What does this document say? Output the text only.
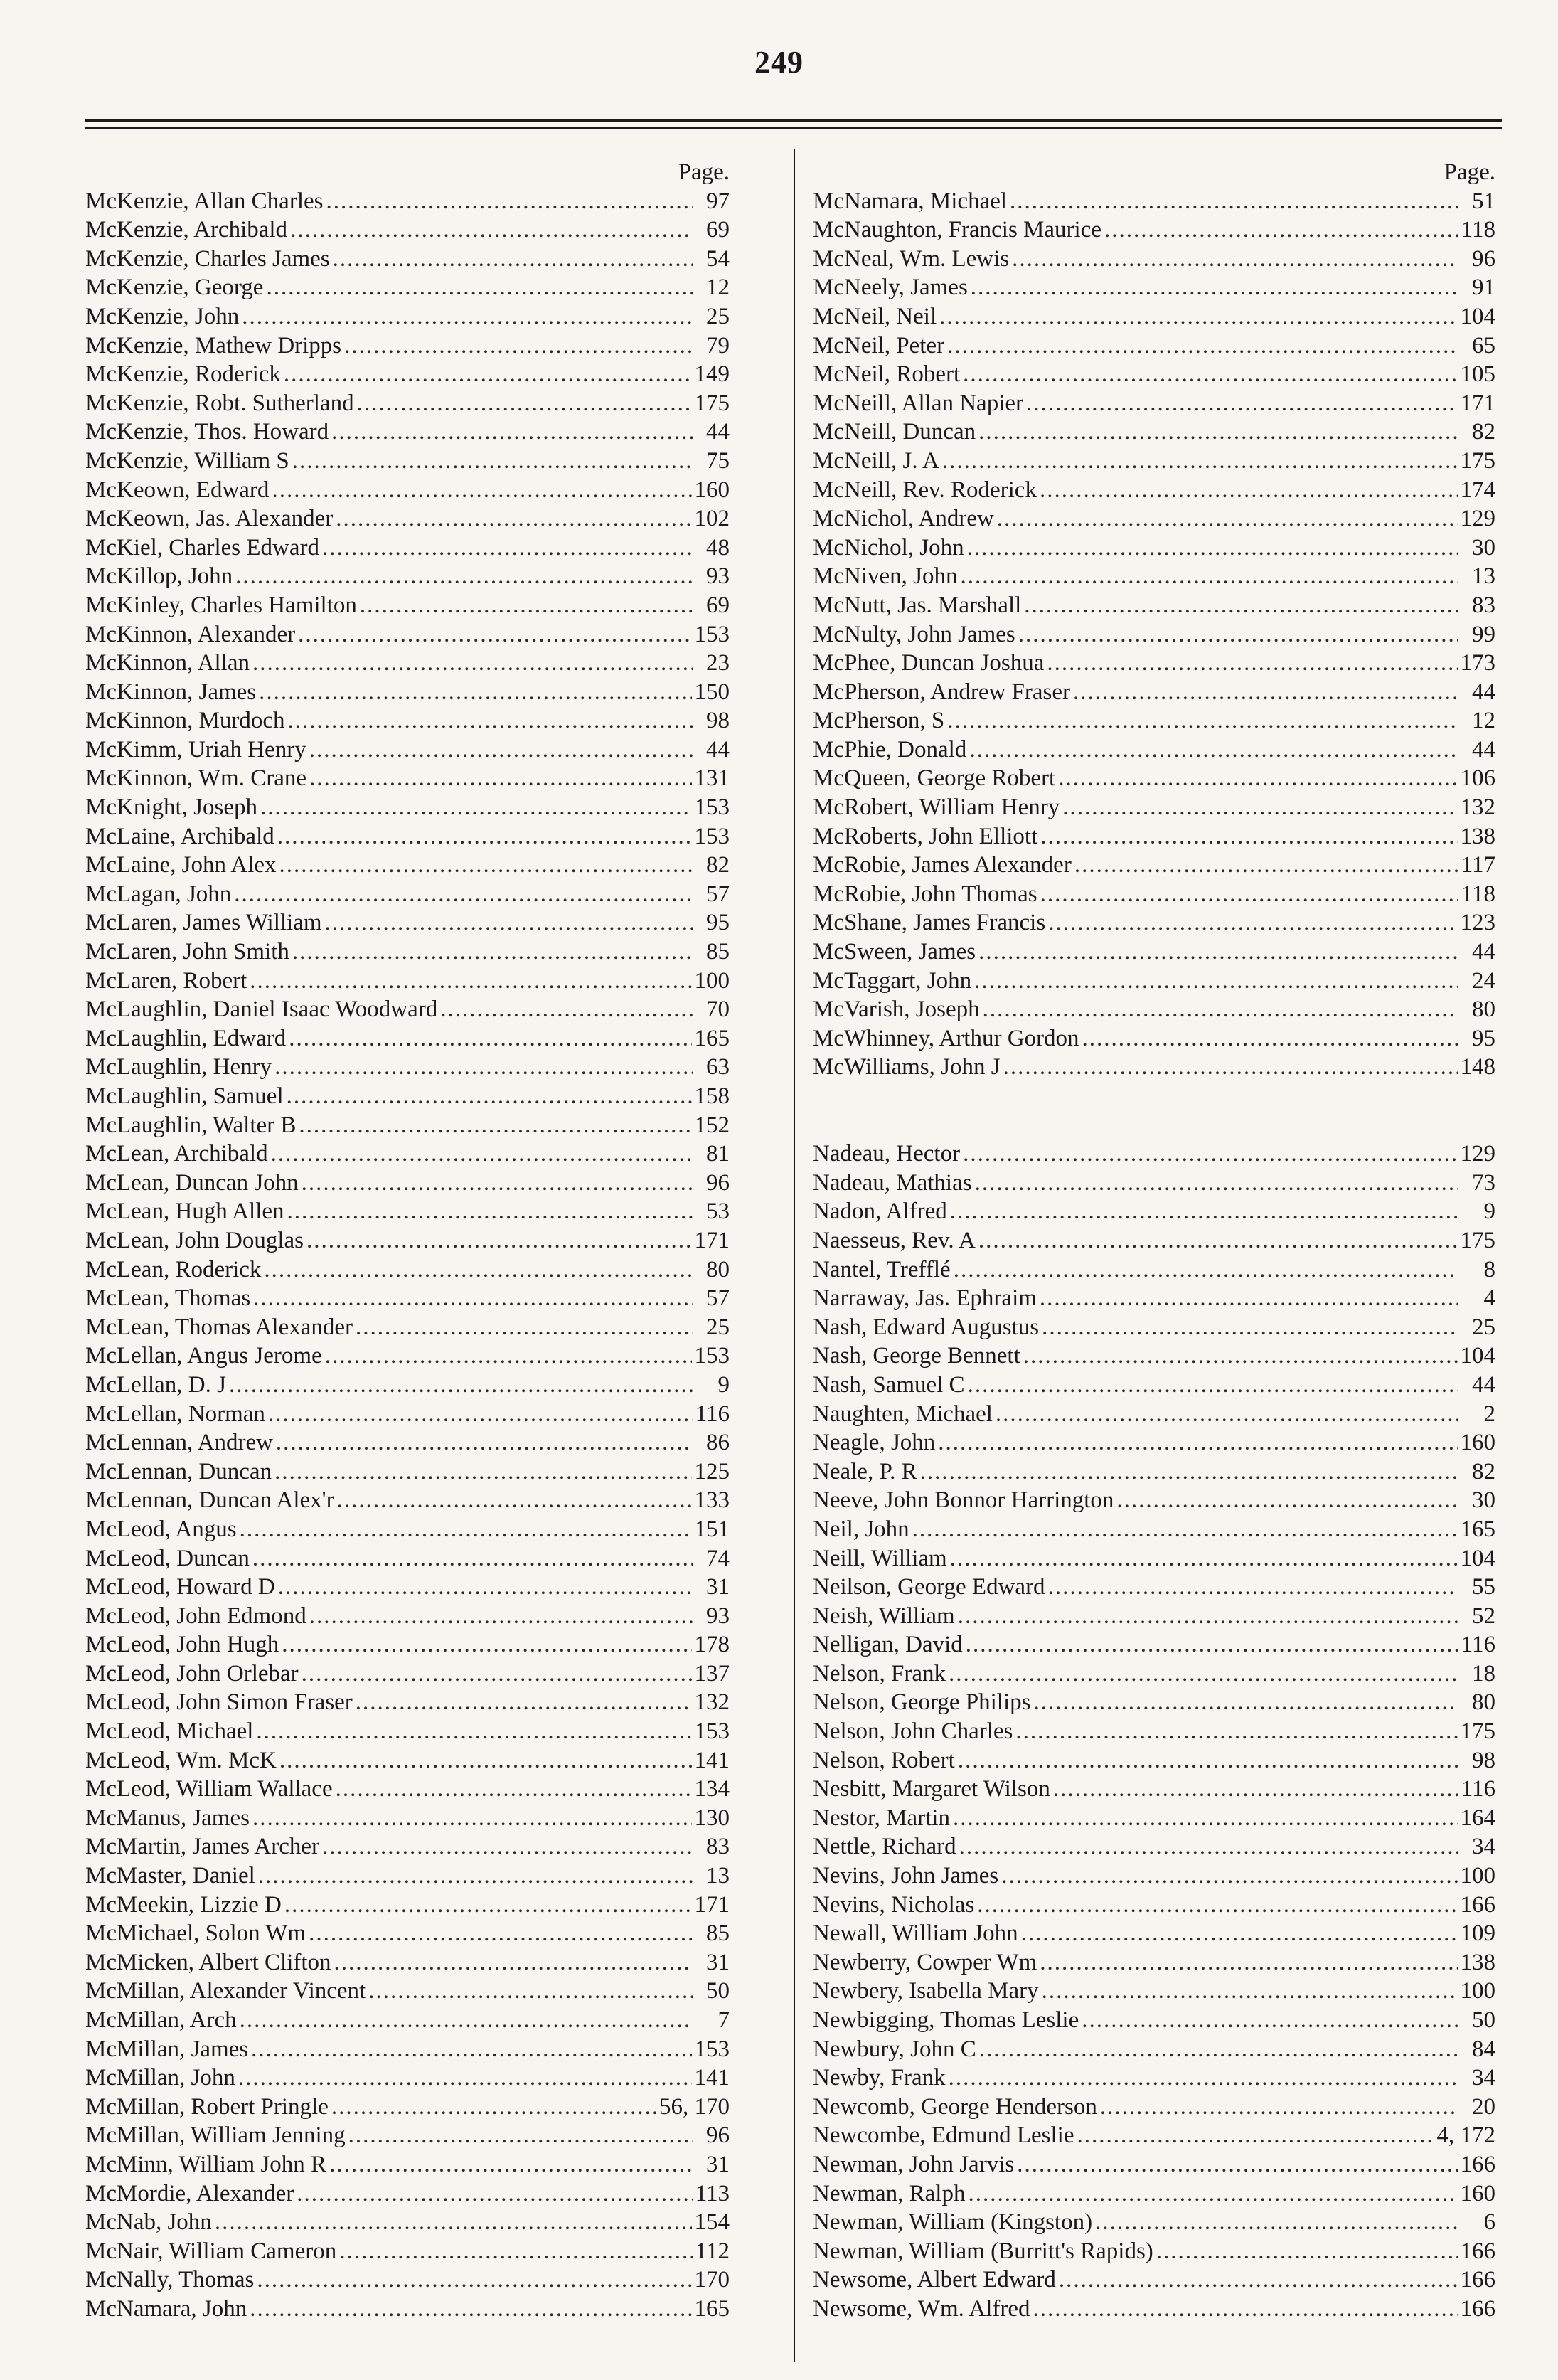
249
Page.
McKenzie, Allan Charles .....	97
McKenzie, Archibald .....	69
McKenzie, Charles James .....	54
McKenzie, George .....	12
McKenzie, John .....	25
McKenzie, Mathew Dripps .....	79
McKenzie, Roderick .....	149
McKenzie, Robt. Sutherland .....	175
McKenzie, Thos. Howard .....	44
McKenzie, William S .....	75
McKeown, Edward .....	160
McKeown, Jas. Alexander .....	102
McKiel, Charles Edward .....	48
McKillop, John .....	93
McKinley, Charles Hamilton .....	69
McKinnon, Alexander .....	153
McKinnon, Allan .....	23
McKinnon, James .....	150
McKinnon, Murdoch .....	98
McKimm, Uriah Henry .....	44
McKinnon, Wm. Crane .....	131
McKnight, Joseph .....	153
McLaine, Archibald .....	153
McLaine, John Alex .....	82
McLagan, John .....	57
McLaren, James William .....	95
McLaren, John Smith .....	85
McLaren, Robert .....	100
McLaughlin, Daniel Isaac Woodward .....	70
McLaughlin, Edward .....	165
McLaughlin, Henry .....	63
McLaughlin, Samuel .....	158
McLaughlin, Walter B .....	152
McLean, Archibald .....	81
McLean, Duncan John .....	96
McLean, Hugh Allen .....	53
McLean, John Douglas .....	171
McLean, Roderick .....	80
McLean, Thomas .....	57
McLean, Thomas Alexander .....	25
McLellan, Angus Jerome .....	153
McLellan, D. J .....	9
McLellan, Norman .....	116
McLennan, Andrew .....	86
McLennan, Duncan .....	125
McLennan, Duncan Alex'r .....	133
McLeod, Angus .....	151
McLeod, Duncan .....	74
McLeod, Howard D .....	31
McLeod, John Edmond .....	93
McLeod, John Hugh .....	178
McLeod, John Orlebar .....	137
McLeod, John Simon Fraser .....	132
McLeod, Michael .....	153
McLeod, Wm. McK .....	141
McLeod, William Wallace .....	134
McManus, James .....	130
McMartin, James Archer .....	83
McMaster, Daniel .....	13
McMeekin, Lizzie D .....	171
McMichael, Solon Wm .....	85
McMicken, Albert Clifton .....	31
McMillan, Alexander Vincent .....	50
McMillan, Arch .....	7
McMillan, James .....	153
McMillan, John .....	141
McMillan, Robert Pringle .....	56, 170
McMillan, William Jenning .....	96
McMinn, William John R .....	31
McMordie, Alexander .....	113
McNab, John .....	154
McNair, William Cameron .....	112
McNally, Thomas .....	170
McNamara, John .....	165
Page.
McNamara, Michael .....	51
McNaughton, Francis Maurice .....	118
McNeal, Wm. Lewis .....	96
McNeely, James .....	91
McNeil, Neil .....	104
McNeil, Peter .....	65
McNeil, Robert .....	105
McNeill, Allan Napier .....	171
McNeill, Duncan .....	82
McNeill, J. A .....	175
McNeill, Rev. Roderick .....	174
McNichol, Andrew .....	129
McNichol, John .....	30
McNiven, John .....	13
McNutt, Jas. Marshall .....	83
McNulty, John James .....	99
McPhee, Duncan Joshua .....	173
McPherson, Andrew Fraser .....	44
McPherson, S .....	12
McPhie, Donald .....	44
McQueen, George Robert .....	106
McRobert, William Henry .....	132
McRoberts, John Elliott .....	138
McRobie, James Alexander .....	117
McRobie, John Thomas .....	118
McShane, James Francis .....	123
McSween, James .....	44
McTaggart, John .....	24
McVarish, Joseph .....	80
McWhinney, Arthur Gordon .....	95
McWilliams, John J .....	148
Nadeau, Hector .....	129
Nadeau, Mathias .....	73
Nadon, Alfred .....	9
Naesseus, Rev. A .....	175
Nantel, Trefflé .....	8
Narraway, Jas. Ephraim .....	4
Nash, Edward Augustus .....	25
Nash, George Bennett .....	104
Nash, Samuel C .....	44
Naughten, Michael .....	2
Neagle, John .....	160
Neale, P. R .....	82
Neeve, John Bonnor Harrington .....	30
Neil, John .....	165
Neill, William .....	104
Neilson, George Edward .....	55
Neish, William .....	52
Nelligan, David .....	116
Nelson, Frank .....	18
Nelson, George Philips .....	80
Nelson, John Charles .....	175
Nelson, Robert .....	98
Nesbitt, Margaret Wilson .....	116
Nestor, Martin .....	164
Nettle, Richard .....	34
Nevins, John James .....	100
Nevins, Nicholas .....	166
Newall, William John .....	109
Newberry, Cowper Wm .....	138
Newbery, Isabella Mary .....	100
Newbigging, Thomas Leslie .....	50
Newbury, John C .....	84
Newby, Frank .....	34
Newcomb, George Henderson .....	20
Newcombe, Edmund Leslie .....	4, 172
Newman, John Jarvis .....	166
Newman, Ralph .....	160
Newman, William (Kingston) .....	6
Newman, William (Burritt's Rapids) .....	166
Newsome, Albert Edward .....	166
Newsome, Wm. Alfred .....	166
